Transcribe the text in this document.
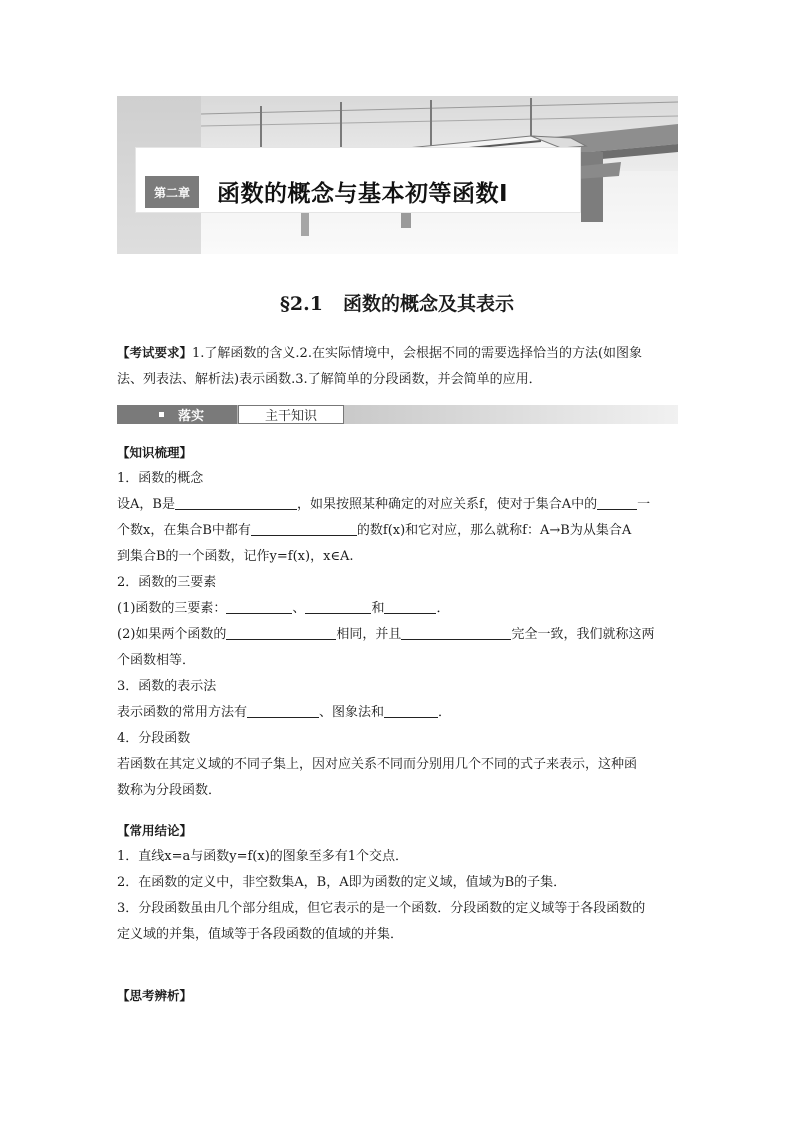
第二章	函数的概念与基本初等函数Ⅰ
§2.1 函数的概念及其表示
【考试要求】1.了解函数的含义.2.在实际情境中，会根据不同的需要选择恰当的方法(如图象
法、列表法、解析法)表示函数.3.了解简单的分段函数，并会简单的应用．
落实	主干知识
【知识梳理】
1．函数的概念
设A，B是	，如果按照某种确定的对应关系f，使对于集合A中的	一
个数x，在集合B中都有	的数f(x)和它对应，那么就称f：A→B为从集合A
到集合B的一个函数，记作y=f(x)，x∈A.
2．函数的三要素
(1)函数的三要素：	、	和	．
(2)如果两个函数的	相同，并且	完全一致，我们就称这两
个函数相等．
3．函数的表示法
表示函数的常用方法有	、图象法和	．
4．分段函数
若函数在其定义域的不同子集上，因对应关系不同而分别用几个不同的式子来表示，这种函
数称为分段函数．
【常用结论】
1．直线x=a与函数y=f(x)的图象至多有1个交点．
2．在函数的定义中，非空数集A，B，A即为函数的定义域，值域为B的子集．
3．分段函数虽由几个部分组成，但它表示的是一个函数．分段函数的定义域等于各段函数的
定义域的并集，值域等于各段函数的值域的并集．
【思考辨析】
